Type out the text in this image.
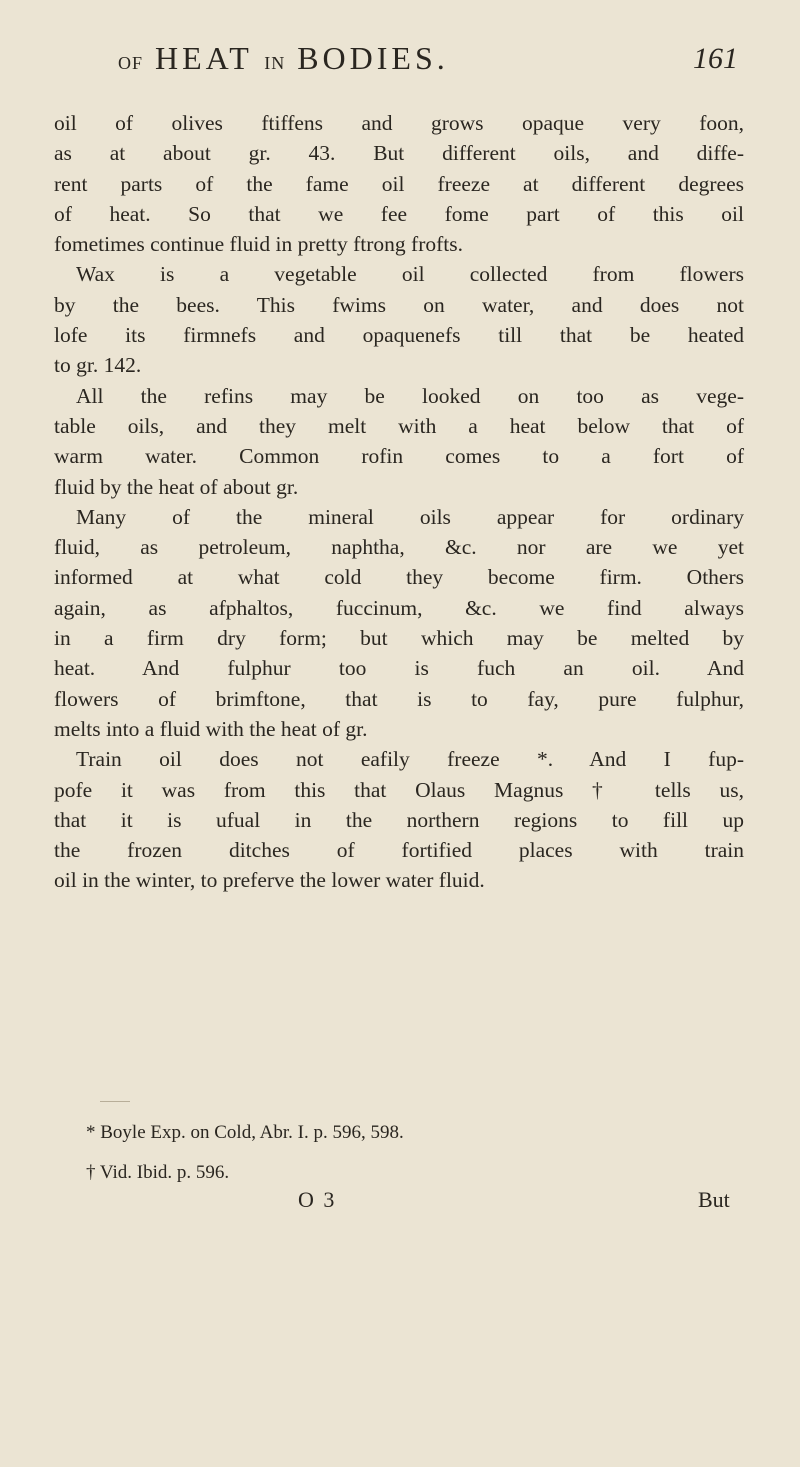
OF HEAT IN BODIES.	161
oil of olives ftiffens and grows opaque very foon,
as at about gr. 43. But different oils, and diffe-
rent parts of the fame oil freeze at different degrees
of heat. So that we fee fome part of this oil
fometimes continue fluid in pretty ftrong frofts.
Wax is a vegetable oil collected from flowers
by the bees. This fwims on water, and does not
lofe its firmnefs and opaquenefs till that be heated
to gr. 142.
All the refins may be looked on too as vege-
table oils, and they melt with a heat below that of
warm water. Common rofin comes to a fort of
fluid by the heat of about gr.
Many of the mineral oils appear for ordinary
fluid, as petroleum, naphtha, &c. nor are we yet
informed at what cold they become firm. Others
again, as afphaltos, fuccinum, &c. we find always
in a firm dry form; but which may be melted by
heat. And fulphur too is fuch an oil. And
flowers of brimftone, that is to fay, pure fulphur,
melts into a fluid with the heat of gr.
Train oil does not eafily freeze *. And I fup-
pofe it was from this that Olaus Magnus † tells us,
that it is ufual in the northern regions to fill up
the frozen ditches of fortified places with train
oil in the winter, to preferve the lower water fluid.
* Boyle Exp. on Cold, Abr. I. p. 596, 598.
† Vid. Ibid. p. 596.
O 3	But
